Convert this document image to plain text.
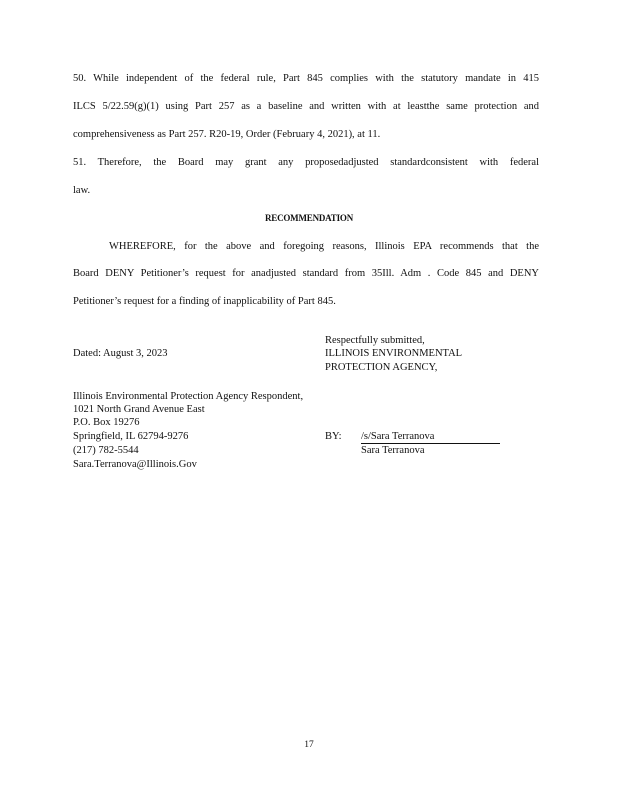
50. While independent of the federal rule, Part 845 complies with the statutory mandate in 415
ILCS 5/22.59(g)(1) using Part 257 as a baseline and written with at leastthe same protection and
comprehensiveness as Part 257. R20-19, Order (February 4, 2021), at 11.
51. Therefore, the Board may grant any proposedadjusted standardconsistent with federal
law.
RECOMMENDATION
WHEREFORE, for the above and foregoing reasons, Illinois EPA recommends that the
Board DENY Petitioner’s request for anadjusted standard from 35Ill. Adm . Code 845 and DENY
Petitioner’s request for a finding of inapplicability of Part 845.
Respectfully submitted,
Dated: August 3, 2023	ILLINOIS ENVIRONMENTAL
PROTECTION AGENCY,
Illinois Environmental Protection Agency Respondent,
1021 North Grand Avenue East
P.O. Box 19276
Springfield, IL 62794-9276
(217) 782-5544
Sara.Terranova@Illinois.Gov
BY: /s/Sara Terranova
Sara Terranova
17
